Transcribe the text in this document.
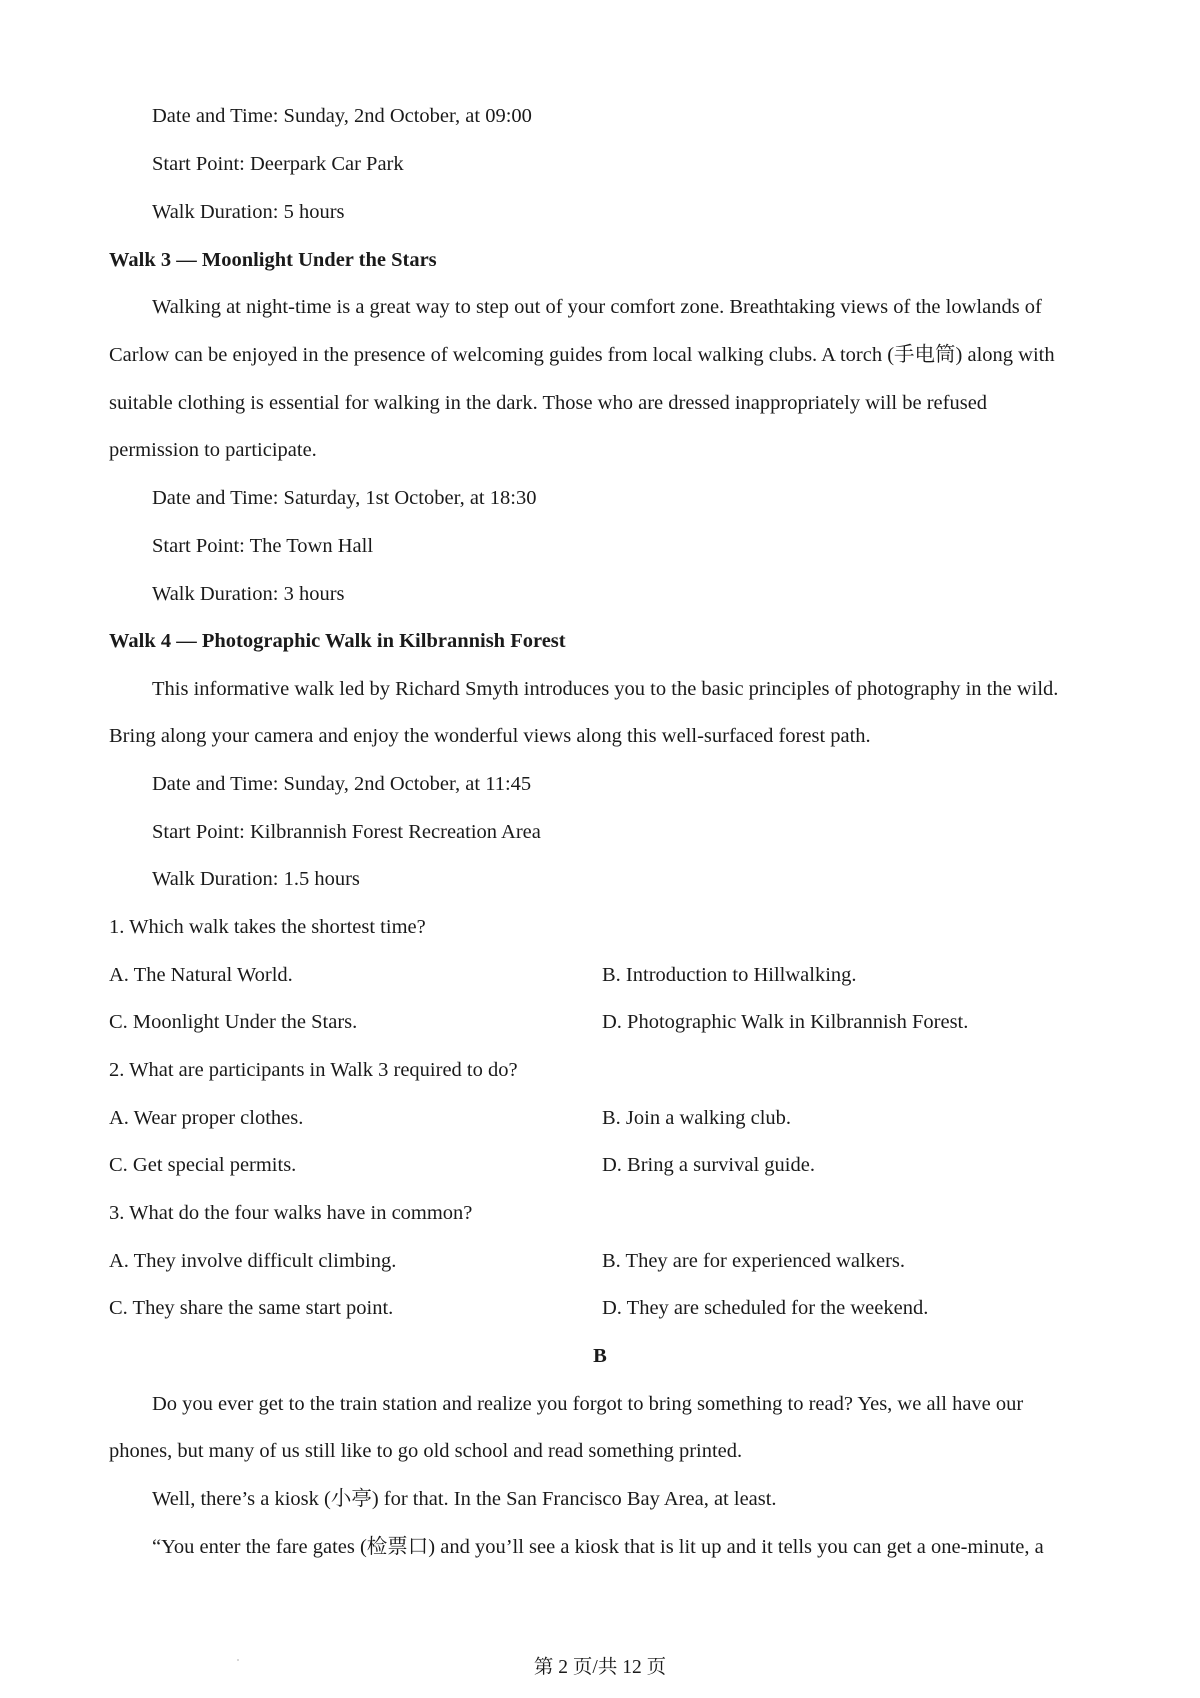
Date and Time: Sunday, 2nd October, at 09:00
Start Point: Deerpark Car Park
Walk Duration: 5 hours
Walk 3 — Moonlight Under the Stars
Walking at night-time is a great way to step out of your comfort zone. Breathtaking views of the lowlands of
Carlow can be enjoyed in the presence of welcoming guides from local walking clubs. A torch (手电筒) along with
suitable clothing is essential for walking in the dark. Those who are dressed inappropriately will be refused
permission to participate.
Date and Time: Saturday, 1st October, at 18:30
Start Point: The Town Hall
Walk Duration: 3 hours
Walk 4 — Photographic Walk in Kilbrannish Forest
This informative walk led by Richard Smyth introduces you to the basic principles of photography in the wild.
Bring along your camera and enjoy the wonderful views along this well-surfaced forest path.
Date and Time: Sunday, 2nd October, at 11:45
Start Point: Kilbrannish Forest Recreation Area
Walk Duration: 1.5 hours
1. Which walk takes the shortest time?
A. The Natural World.	B. Introduction to Hillwalking.
C. Moonlight Under the Stars.	D. Photographic Walk in Kilbrannish Forest.
2. What are participants in Walk 3 required to do?
A. Wear proper clothes.	B. Join a walking club.
C. Get special permits.	D. Bring a survival guide.
3. What do the four walks have in common?
A. They involve difficult climbing.	B. They are for experienced walkers.
C. They share the same start point.	D. They are scheduled for the weekend.
B
Do you ever get to the train station and realize you forgot to bring something to read? Yes, we all have our
phones, but many of us still like to go old school and read something printed.
Well, there’s a kiosk (小亭) for that. In the San Francisco Bay Area, at least.
“You enter the fare gates (检票口) and you’ll see a kiosk that is lit up and it tells you can get a one-minute, a
第 2 页/共 12 页
